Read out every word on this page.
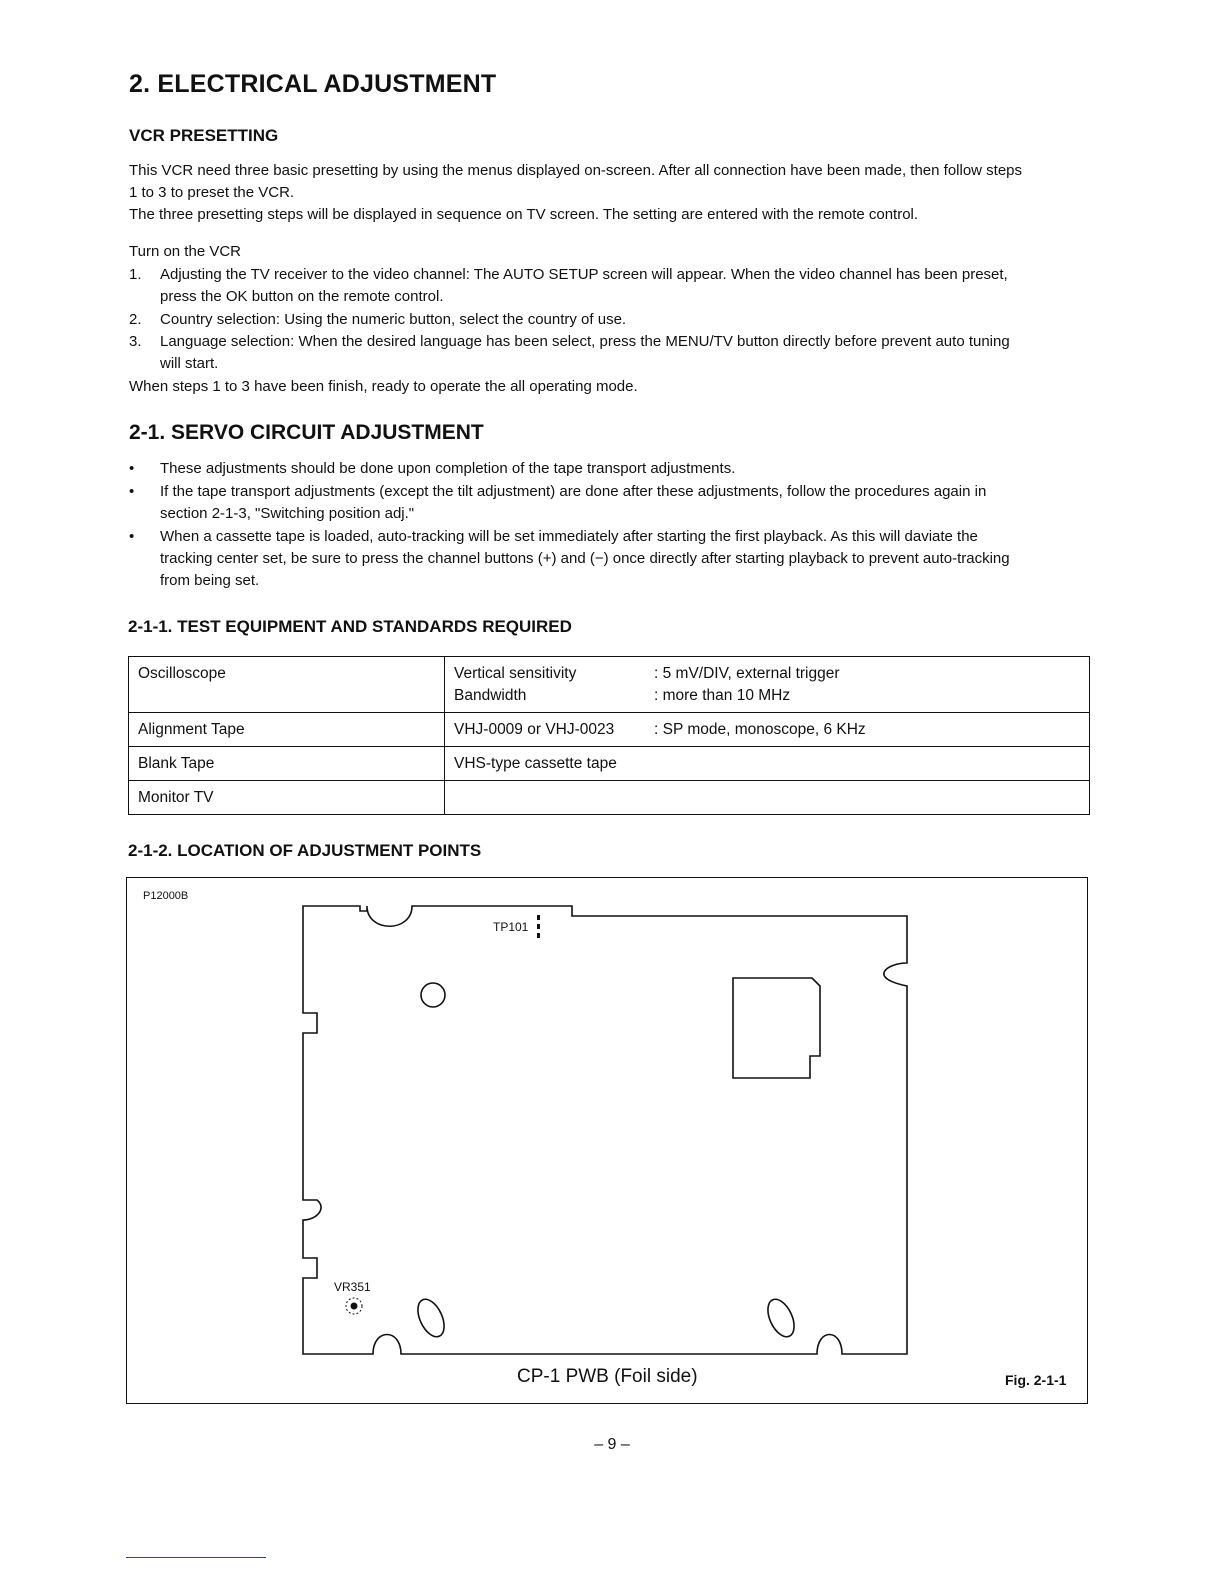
2. ELECTRICAL ADJUSTMENT
VCR PRESETTING
This VCR need three basic presetting by using the menus displayed on-screen. After all connection have been made, then follow steps
1 to 3 to preset the VCR.
The three presetting steps will be displayed in sequence on TV screen. The setting are entered with the remote control.
Turn on the VCR
1. Adjusting the TV receiver to the video channel: The AUTO SETUP screen will appear. When the video channel has been preset,
press the OK button on the remote control.
2. Country selection: Using the numeric button, select the country of use.
3. Language selection: When the desired language has been select, press the MENU/TV button directly before prevent auto tuning
will start.
When steps 1 to 3 have been finish, ready to operate the all operating mode.
2-1. SERVO CIRCUIT ADJUSTMENT
• These adjustments should be done upon completion of the tape transport adjustments.
• If the tape transport adjustments (except the tilt adjustment) are done after these adjustments, follow the procedures again in
section 2-1-3, "Switching position adj."
• When a cassette tape is loaded, auto-tracking will be set immediately after starting the first playback. As this will daviate the
tracking center set, be sure to press the channel buttons (+) and (−) once directly after starting playback to prevent auto-tracking
from being set.
2-1-1. TEST EQUIPMENT AND STANDARDS REQUIRED
Oscilloscope	Vertical sensitivity : 5 mV/DIV, external trigger
Bandwidth : more than 10 MHz

Alignment Tape	VHJ-0009 or VHJ-0023 : SP mode, monoscope, 6 KHz

Blank Tape	VHS-type cassette tape

Monitor TV	
2-1-2. LOCATION OF ADJUSTMENT POINTS
P12000B
TP101
VR351
CP-1 PWB (Foil side)	Fig. 2-1-1
– 9 –
